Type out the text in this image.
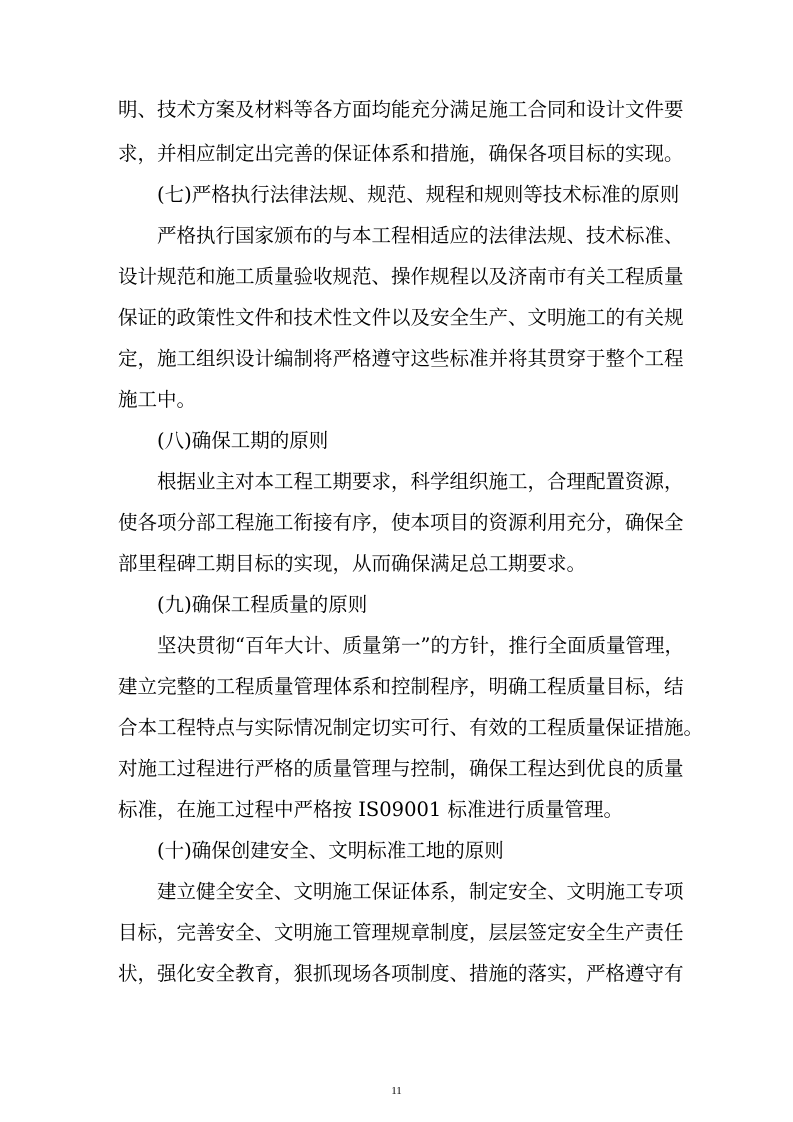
明、技术方案及材料等各方面均能充分满足施工合同和设计文件要
求，并相应制定出完善的保证体系和措施，确保各项目标的实现。
(七)严格执行法律法规、规范、规程和规则等技术标准的原则
严格执行国家颁布的与本工程相适应的法律法规、技术标准、
设计规范和施工质量验收规范、操作规程以及济南市有关工程质量
保证的政策性文件和技术性文件以及安全生产、文明施工的有关规
定，施工组织设计编制将严格遵守这些标准并将其贯穿于整个工程
施工中。
(八)确保工期的原则
根据业主对本工程工期要求，科学组织施工，合理配置资源，
使各项分部工程施工衔接有序，使本项目的资源利用充分，确保全
部里程碑工期目标的实现，从而确保满足总工期要求。
(九)确保工程质量的原则
坚决贯彻“百年大计、质量第一”的方针，推行全面质量管理，
建立完整的工程质量管理体系和控制程序，明确工程质量目标，结
合本工程特点与实际情况制定切实可行、有效的工程质量保证措施。
对施工过程进行严格的质量管理与控制，确保工程达到优良的质量
标准，在施工过程中严格按 IS09001 标准进行质量管理。
(十)确保创建安全、文明标准工地的原则
建立健全安全、文明施工保证体系，制定安全、文明施工专项
目标，完善安全、文明施工管理规章制度，层层签定安全生产责任
状，强化安全教育，狠抓现场各项制度、措施的落实，严格遵守有
11
